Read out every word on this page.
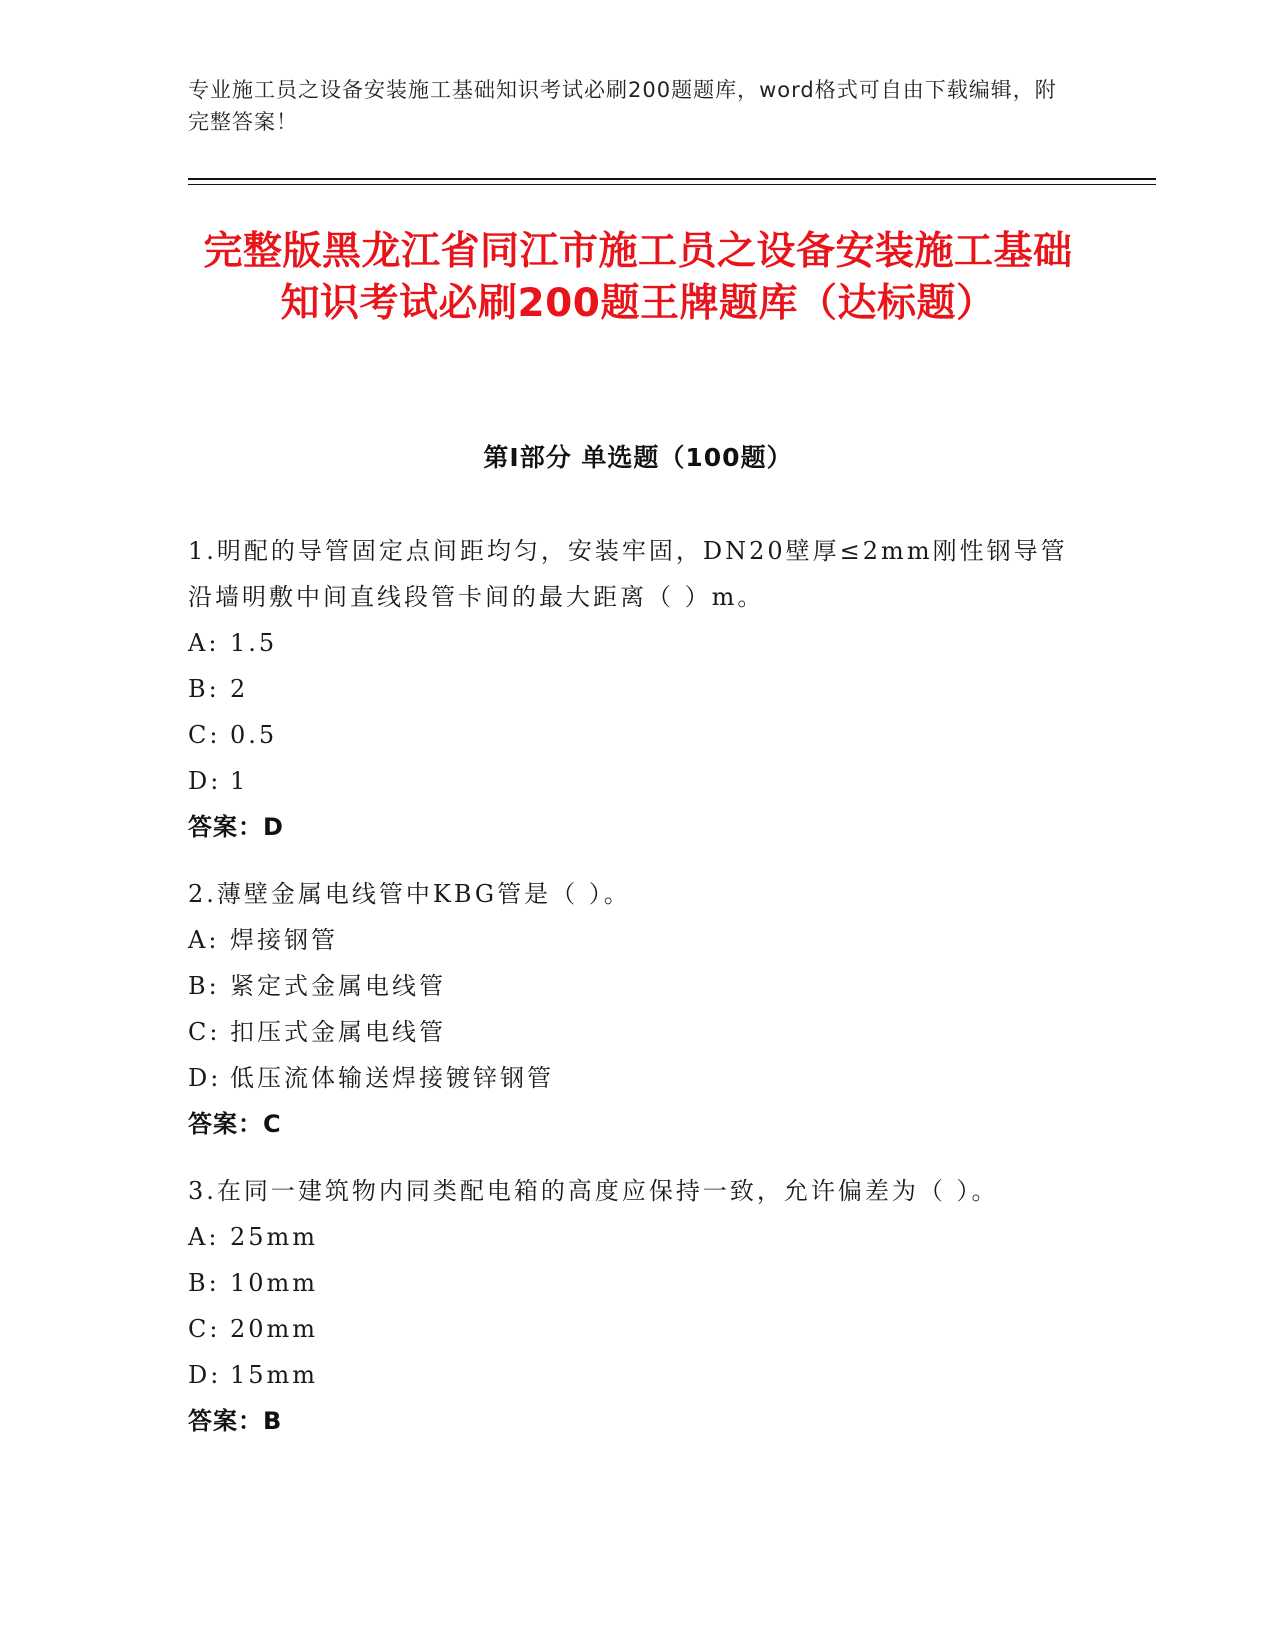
专业施工员之设备安装施工基础知识考试必刷200题题库，word格式可自由下载编辑，附完整答案！
完整版黑龙江省同江市施工员之设备安装施工基础知识考试必刷200题王牌题库（达标题）
第Ⅰ部分 单选题（100题）
1.明配的导管固定点间距均匀，安装牢固，DN20壁厚≤2mm刚性钢导管沿墙明敷中间直线段管卡间的最大距离（ ）m。
A: 1.5
B: 2
C: 0.5
D: 1
答案：D
2.薄壁金属电线管中KBG管是（ ）。
A: 焊接钢管
B: 紧定式金属电线管
C: 扣压式金属电线管
D: 低压流体输送焊接镀锌钢管
答案：C
3.在同一建筑物内同类配电箱的高度应保持一致，允许偏差为（ ）。
A: 25mm
B: 10mm
C: 20mm
D: 15mm
答案：B
